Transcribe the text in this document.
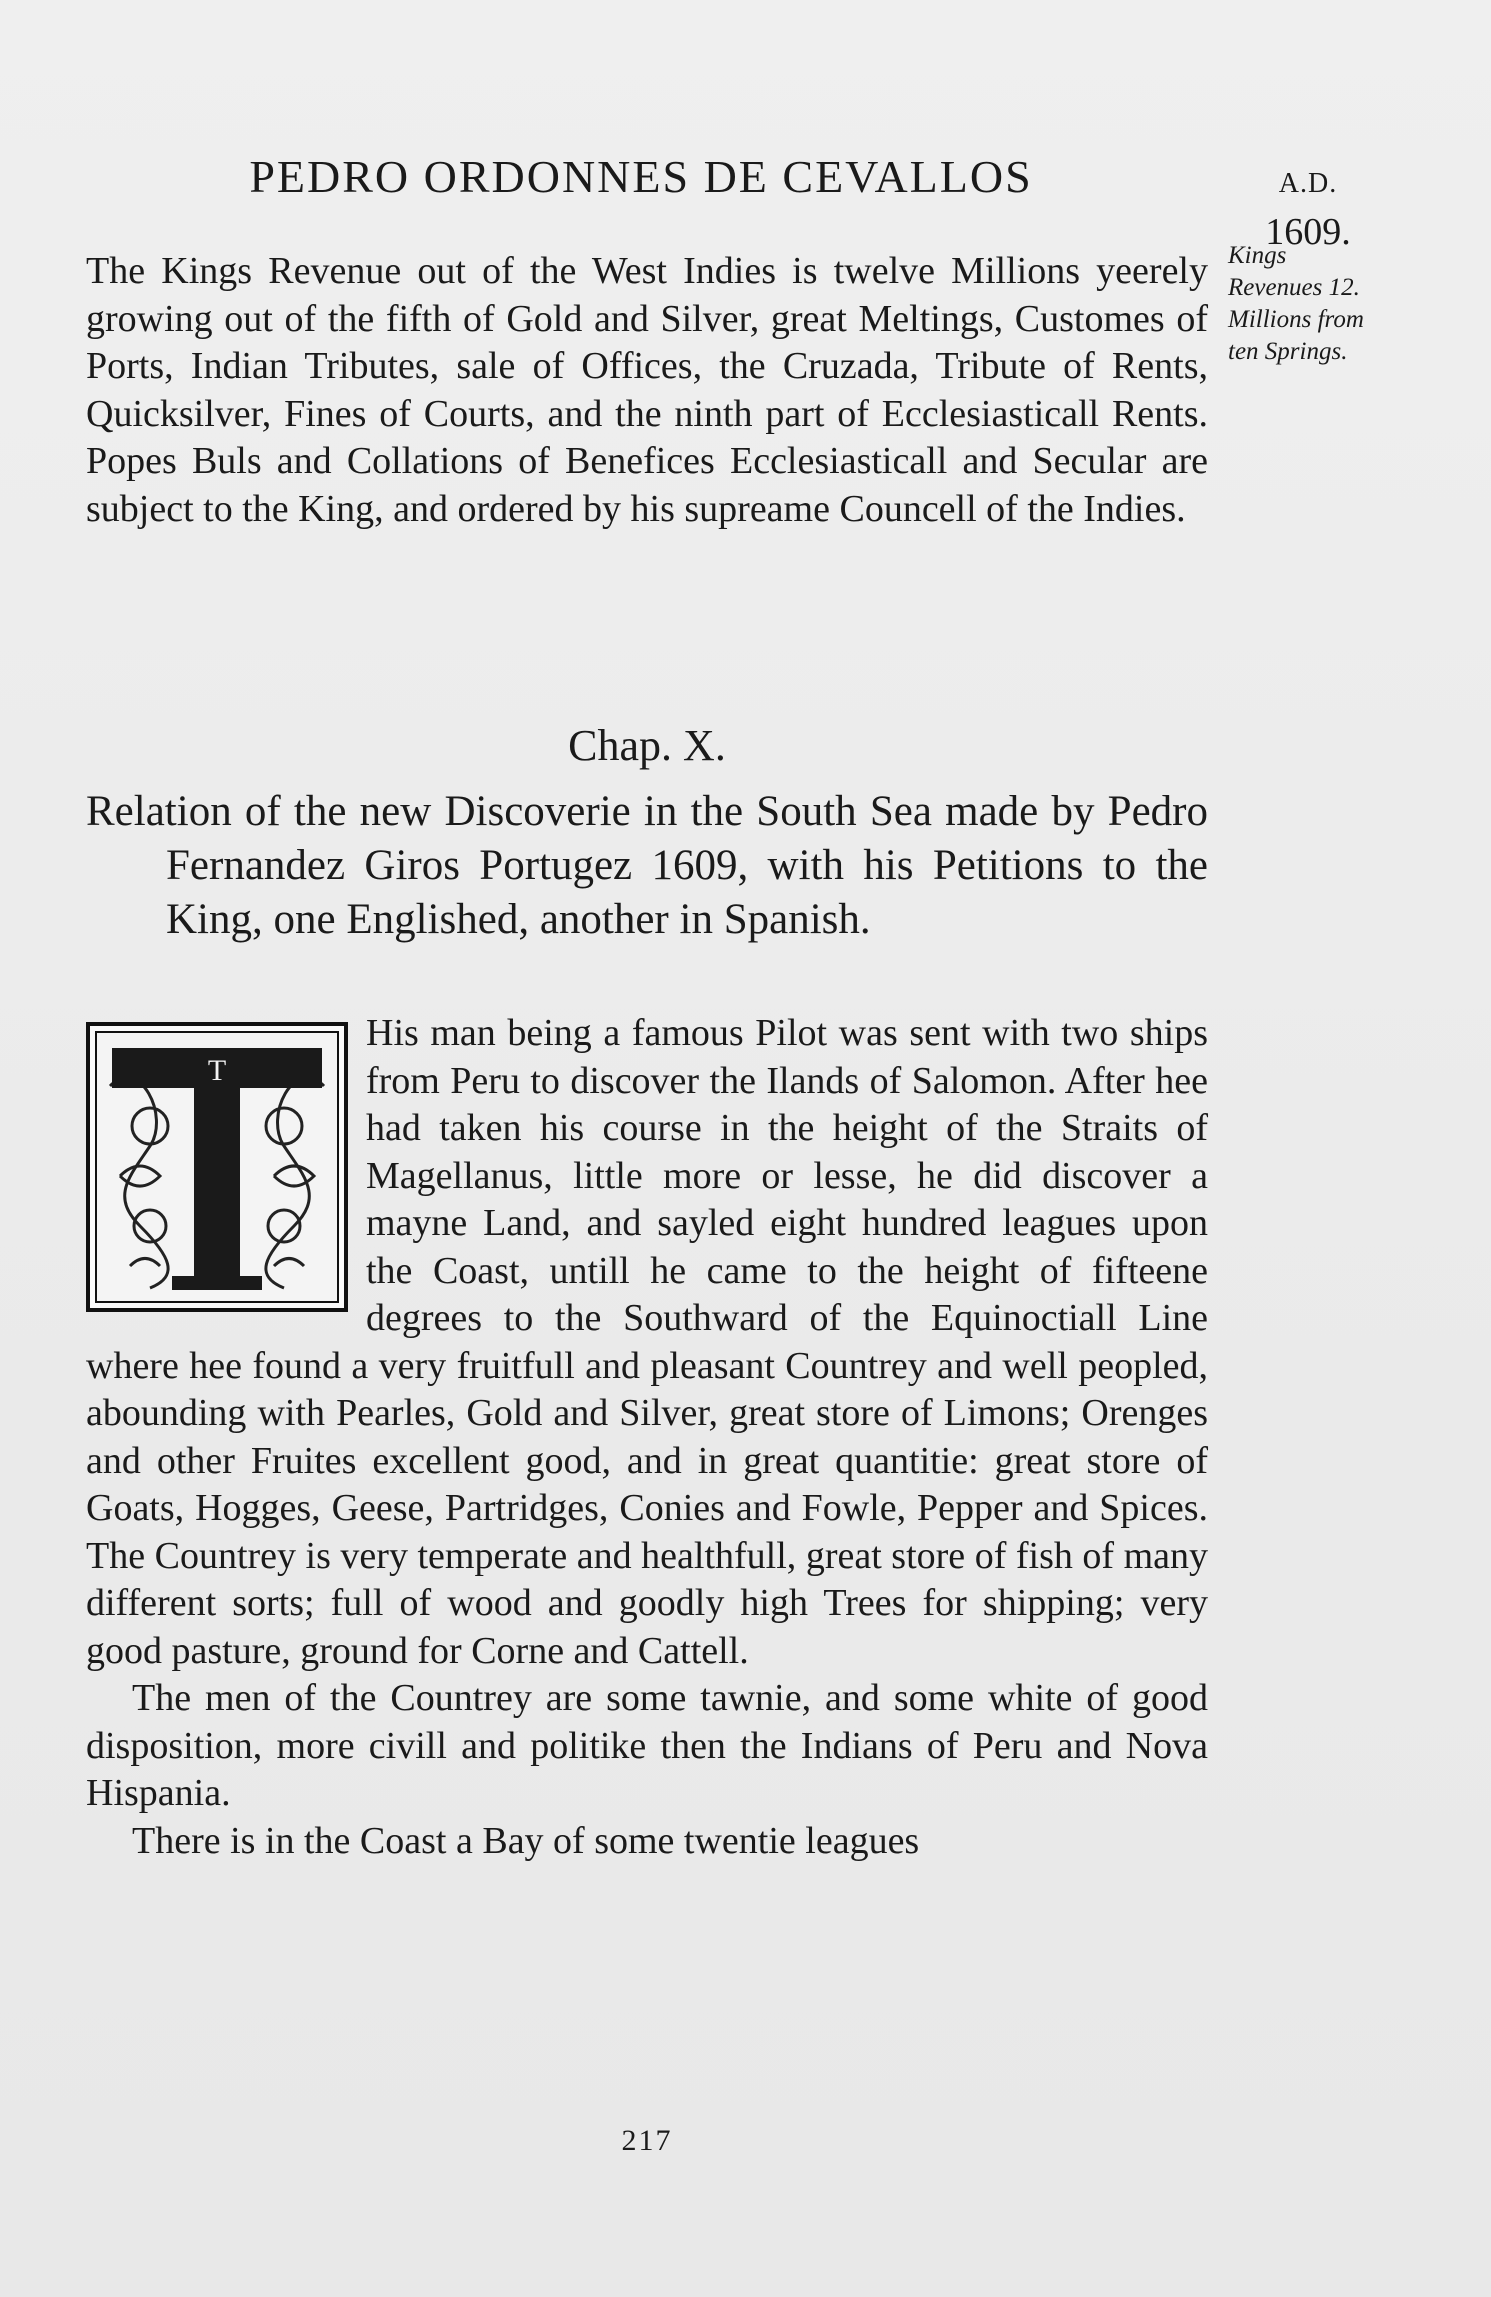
PEDRO ORDONNES DE CEVALLOS	A.D.
1609.
Kings
Revenues 12.
Millions from
ten Springs.
The Kings Revenue out of the West Indies is twelve Millions yeerely growing out of the fifth of Gold and Silver, great Meltings, Customes of Ports, Indian Tributes, sale of Offices, the Cruzada, Tribute of Rents, Quicksilver, Fines of Courts, and the ninth part of Ecclesiasticall Rents. Popes Buls and Collations of Benefices Ecclesiasticall and Secular are subject to the King, and ordered by his supreame Councell of the Indies.
Chap. X.
Relation of the new Discoverie in the South Sea made by Pedro Fernandez Giros Portugez 1609, with his Petitions to the King, one Englished, another in Spanish.
T

His man being a famous Pilot was sent with two ships from Peru to discover the Ilands of Salomon. After hee had taken his course in the height of the Straits of Magellanus, little more or lesse, he did discover a mayne Land, and sayled eight hundred leagues upon the Coast, untill he came to the height of fifteene degrees to the Southward of the Equinoctiall Line where hee found a very fruitfull and pleasant Countrey and well peopled, abounding with Pearles, Gold and Silver, great store of Limons; Orenges and other Fruites excellent good, and in great quantitie: great store of Goats, Hogges, Geese, Partridges, Conies and Fowle, Pepper and Spices. The Countrey is very temperate and healthfull, great store of fish of many different sorts; full of wood and goodly high Trees for shipping; very good pasture, ground for Corne and Cattell.

The men of the Countrey are some tawnie, and some white of good disposition, more civill and politike then the Indians of Peru and Nova Hispania.

There is in the Coast a Bay of some twentie leagues

217
